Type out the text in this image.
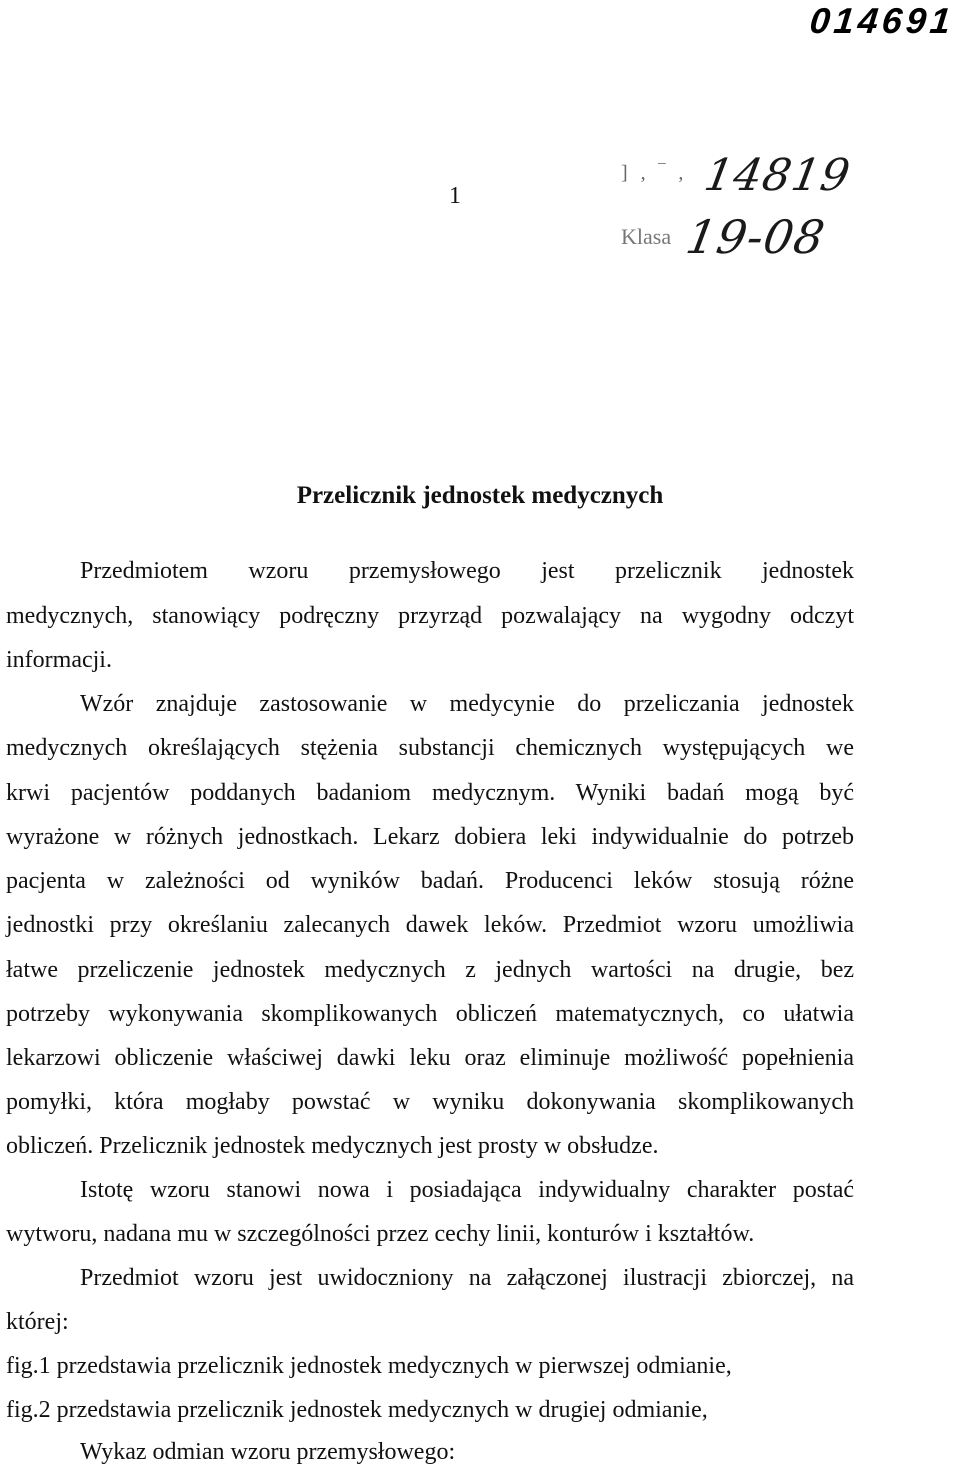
014691
1
] , ‾ , 14819
Klasa 19-08
Przelicznik jednostek medycznych
Przedmiotem wzoru przemysłowego jest przelicznik jednostek
medycznych, stanowiący podręczny przyrząd pozwalający na wygodny odczyt
informacji.
Wzór znajduje zastosowanie w medycynie do przeliczania jednostek
medycznych określających stężenia substancji chemicznych występujących we
krwi pacjentów poddanych badaniom medycznym. Wyniki badań mogą być
wyrażone w różnych jednostkach. Lekarz dobiera leki indywidualnie do potrzeb
pacjenta w zależności od wyników badań. Producenci leków stosują różne
jednostki przy określaniu zalecanych dawek leków. Przedmiot wzoru umożliwia
łatwe przeliczenie jednostek medycznych z jednych wartości na drugie, bez
potrzeby wykonywania skomplikowanych obliczeń matematycznych, co ułatwia
lekarzowi obliczenie właściwej dawki leku oraz eliminuje możliwość popełnienia
pomyłki, która mogłaby powstać w wyniku dokonywania skomplikowanych
obliczeń. Przelicznik jednostek medycznych jest prosty w obsłudze.
Istotę wzoru stanowi nowa i posiadająca indywidualny charakter postać
wytworu, nadana mu w szczególności przez cechy linii, konturów i kształtów.
Przedmiot wzoru jest uwidoczniony na załączonej ilustracji zbiorczej, na
której:
fig.1 przedstawia przelicznik jednostek medycznych w pierwszej odmianie,
fig.2 przedstawia przelicznik jednostek medycznych w drugiej odmianie,
Wykaz odmian wzoru przemysłowego:
